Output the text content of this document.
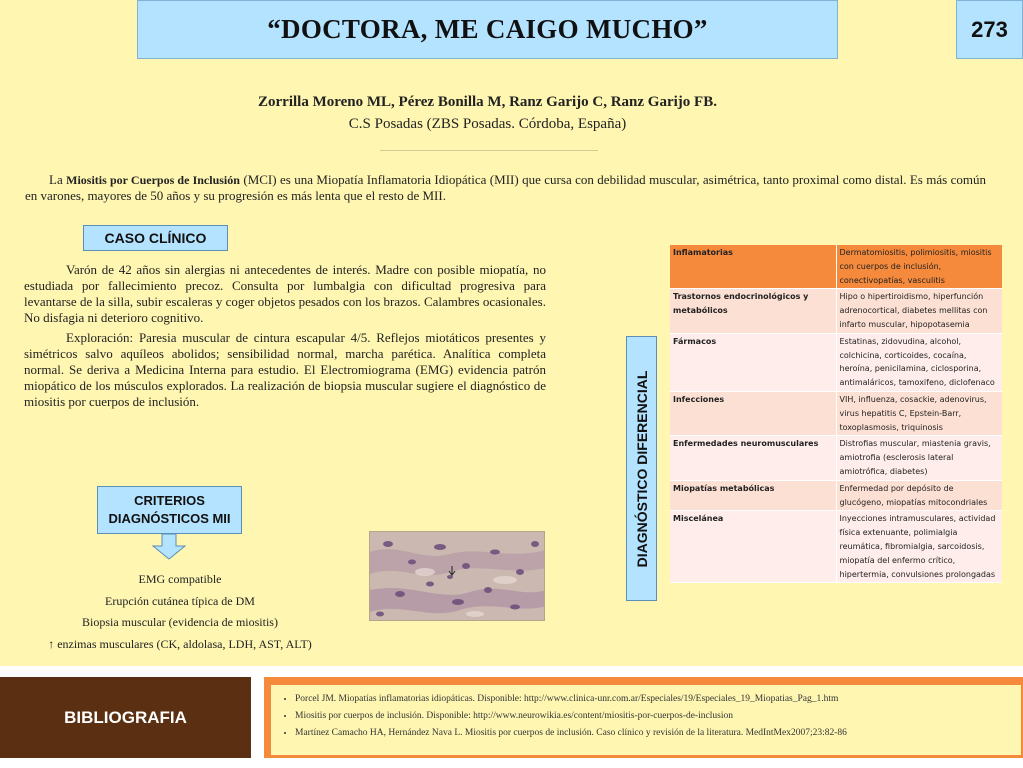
“DOCTORA, ME CAIGO MUCHO”	273
Zorrilla Moreno ML, Pérez Bonilla M, Ranz Garijo C, Ranz Garijo FB.
C.S Posadas (ZBS Posadas. Córdoba, España)

La Miositis por Cuerpos de Inclusión (MCI) es una Miopatía Inflamatoria Idiopática (MII) que cursa con debilidad muscular, asimétrica, tanto proximal como distal. Es más común en varones, mayores de 50 años y su progresión es más lenta que el resto de MII.

CASO CLÍNICO

Varón de 42 años sin alergias ni antecedentes de interés. Madre con posible miopatía, no estudiada por fallecimiento precoz. Consulta por lumbalgia con dificultad progresiva para levantarse de la silla, subir escaleras y coger objetos pesados con los brazos. Calambres ocasionales. No disfagia ni deterioro cognitivo.

Exploración: Paresia muscular de cintura escapular 4/5. Reflejos miotáticos presentes y simétricos salvo aquíleos abolidos; sensibilidad normal, marcha parética. Analítica completa normal. Se deriva a Medicina Interna para estudio. El Electromiograma (EMG) evidencia patrón miopático de los músculos explorados. La realización de biopsia muscular sugiere el diagnóstico de miositis por cuerpos de inclusión.

CRITERIOS
DIAGNÓSTICOS MII
EMG compatible
Erupción cutánea típica de DM
Biopsia muscular (evidencia de miositis)
↑ enzimas musculares (CK, aldolasa, LDH, AST, ALT)
DIAGNÓSTICO DIFERENCIAL
Inflamatorias	Dermatomiositis, polimiositis, miositis con cuerpos de inclusión, conectivopatías, vasculitis
Trastornos endocrinológicos y metabólicos	Hipo o hipertiroidismo, hiperfunción adrenocortical, diabetes mellitas con infarto muscular, hipopotasemia
Fármacos	Estatinas, zidovudina, alcohol, colchicina, corticoides, cocaína, heroína, penicilamina, ciclosporina, antimaláricos, tamoxifeno, diclofenaco
Infecciones	VIH, influenza, cosackie, adenovirus, virus hepatitis C, Epstein-Barr, toxoplasmosis, triquinosis
Enfermedades neuromusculares	Distrofias muscular, miastenia gravis, amiotrofia (esclerosis lateral amiotrófica, diabetes)
Miopatías metabólicas	Enfermedad por depósito de glucógeno, miopatías mitocondriales
Miscelánea	Inyecciones intramusculares, actividad física extenuante, polimialgia reumática, fibromialgia, sarcoidosis, miopatía del enfermo crítico, hipertermia, convulsiones prolongadas
BIBLIOGRAFIA
• Porcel JM. Miopatías inflamatorias idiopáticas. Disponible: http://www.clinica-unr.com.ar/Especiales/19/Especiales_19_Miopatias_Pag_1.htm
• Miositis por cuerpos de inclusión. Disponible: http://www.neurowikia.es/content/miositis-por-cuerpos-de-inclusion
• Martínez Camacho HA, Hernández Nava L. Miositis por cuerpos de inclusión. Caso clínico y revisión de la literatura. MedIntMex2007;23:82-86
